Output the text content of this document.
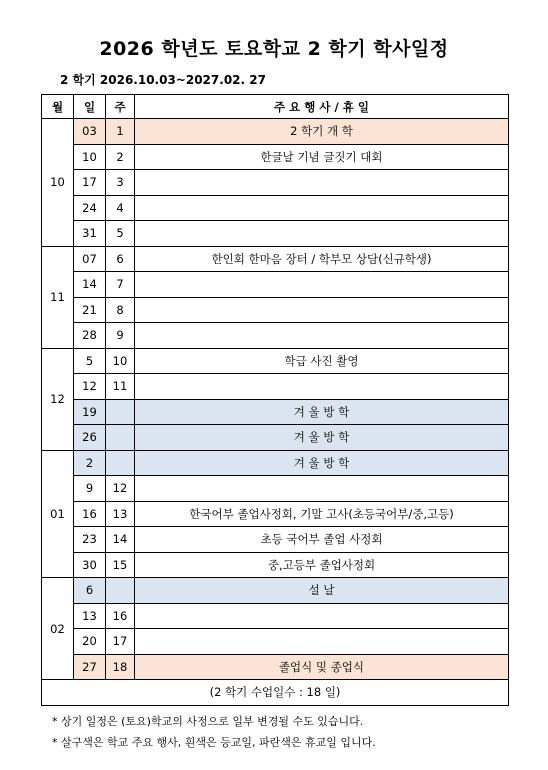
2026 학년도 토요학교 2 학기 학사일정
2 학기 2026.10.03~2027.02. 27
월	일	주	주 요 행 사 / 휴 일
10	03	1	2 학기 개 학
	10	2	한글날 기념 글짓기 대회
	17	3	
	24	4	
	31	5	
11	07	6	한인회 한마음 장터 / 학부모 상담(신규학생)
	14	7	
	21	8	
	28	9	
12	5	10	학급 사진 촬영
	12	11	
	19		겨 울 방 학
	26		겨 울 방 학
01	2		겨 울 방 학
	9	12	
	16	13	한국어부 졸업사정회, 기말 고사(초등국어부/중,고등)
	23	14	초등 국어부 졸업 사정회
	30	15	중,고등부 졸업사정회
02	6		설 날
	13	16	
	20	17	
	27	18	졸업식 및 종업식
(2 학기 수업일수 : 18 일)			
* 상기 일정은 (토요)학교의 사정으로 일부 변경될 수도 있습니다.
* 살구색은 학교 주요 행사, 흰색은 등교일, 파란색은 휴교일 입니다.
